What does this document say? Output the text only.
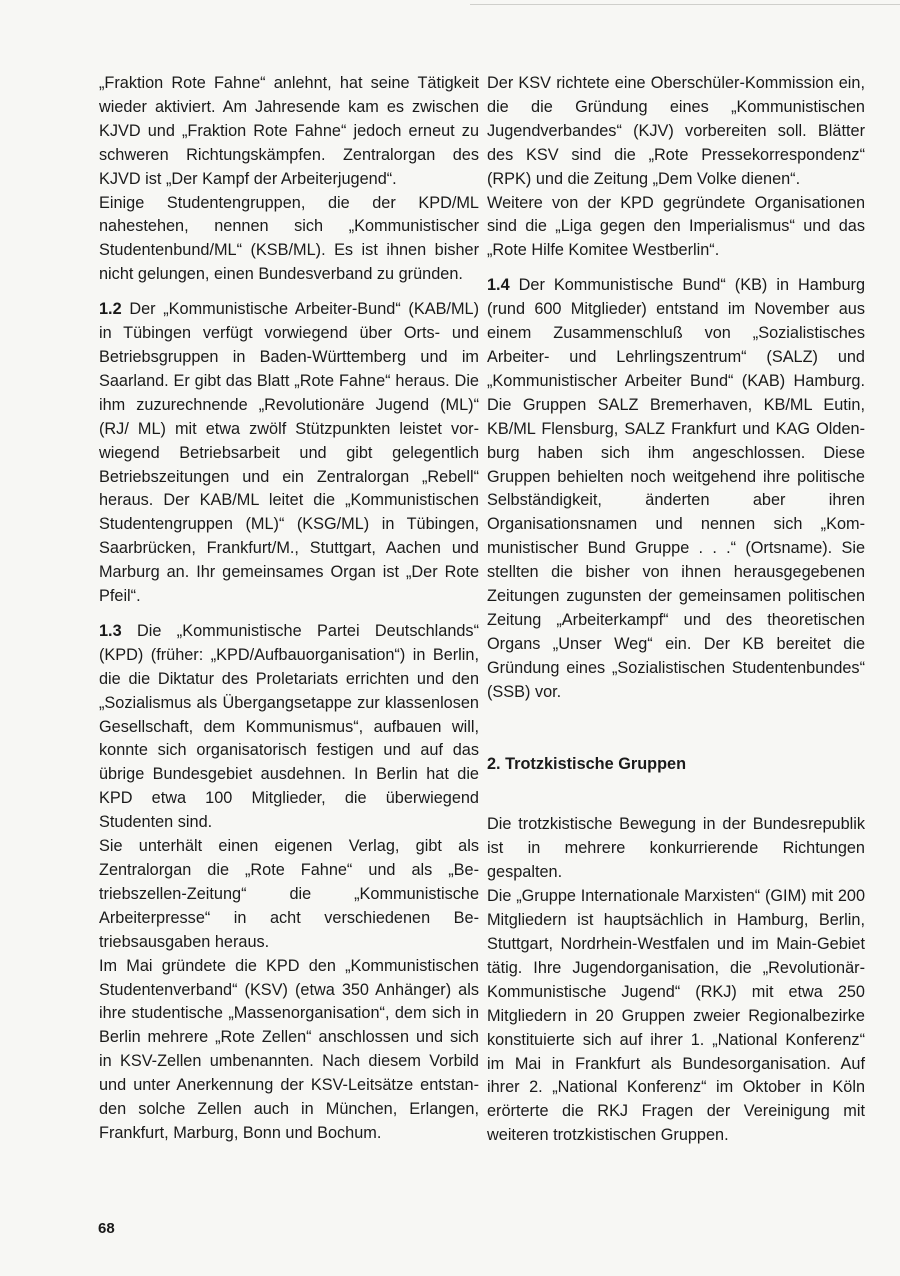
„Fraktion Rote Fahne“ anlehnt, hat seine Tätigkeit wieder aktiviert. Am Jahresende kam es zwischen KJVD und „Fraktion Rote Fahne“ jedoch erneut zu schweren Richtungskämpfen. Zentralorgan des KJVD ist „Der Kampf der Arbeiterjugend“.

Einige Studentengruppen, die der KPD/ML nahestehen, nennen sich „Kommunistischer Studentenbund/ML“ (KSB/ML). Es ist ihnen bisher nicht gelungen, einen Bundesverband zu gründen.

1.2 Der „Kommunistische Arbeiter-Bund“ (KAB/ML) in Tübingen verfügt vorwiegend über Orts- und Betriebsgruppen in Baden-Württemberg und im Saarland. Er gibt das Blatt „Rote Fahne“ heraus. Die ihm zuzurechnende „Revolutionäre Jugend (ML)“ (RJ/ ML) mit etwa zwölf Stützpunkten leistet vorwiegend Betriebsarbeit und gibt gelegentlich Betriebszeitungen und ein Zentralorgan „Rebell“ heraus. Der KAB/ML leitet die „Kommunistischen Studentengruppen (ML)“ (KSG/ML) in Tübingen, Saarbrücken, Frankfurt/M., Stuttgart, Aachen und Marburg an. Ihr gemeinsames Organ ist „Der Rote Pfeil“.

1.3 Die „Kommunistische Partei Deutschlands“ (KPD) (früher: „KPD/Aufbauorganisation“) in Berlin, die die Diktatur des Proletariats errichten und den „Sozialismus als Übergangsetappe zur klassenlosen Gesellschaft, dem Kommunismus“, aufbauen will, konnte sich organisatorisch festigen und auf das übrige Bundesgebiet ausdehnen. In Berlin hat die KPD etwa 100 Mitglieder, die überwiegend Studenten sind.

Sie unterhält einen eigenen Verlag, gibt als Zentralorgan die „Rote Fahne“ und als „Betriebszellen-Zeitung“ die „Kommunistische Arbeiterpresse“ in acht verschiedenen Betriebsausgaben heraus.

Im Mai gründete die KPD den „Kommunistischen Studentenverband“ (KSV) (etwa 350 Anhänger) als ihre studentische „Massenorganisation“, dem sich in Berlin mehrere „Rote Zellen“ anschlossen und sich in KSV-Zellen umbenannten. Nach diesem Vorbild und unter Anerkennung der KSV-Leitsätze entstanden solche Zellen auch in München, Erlangen, Frankfurt, Marburg, Bonn und Bochum.

Der KSV richtete eine Oberschüler-Kommission ein, die die Gründung eines „Kommunistischen Jugendverbandes“ (KJV) vorbereiten soll. Blätter des KSV sind die „Rote Pressekorrespondenz“ (RPK) und die Zeitung „Dem Volke dienen“.

Weitere von der KPD gegründete Organisationen sind die „Liga gegen den Imperialismus“ und das „Rote Hilfe Komitee Westberlin“.

1.4 Der Kommunistische Bund“ (KB) in Hamburg (rund 600 Mitglieder) entstand im November aus einem Zusammenschluß von „Sozialistisches Arbeiter- und Lehrlingszentrum“ (SALZ) und „Kommunistischer Arbeiter Bund“ (KAB) Hamburg. Die Gruppen SALZ Bremerhaven, KB/ML Eutin, KB/ML Flensburg, SALZ Frankfurt und KAG Oldenburg haben sich ihm angeschlossen. Diese Gruppen behielten noch weitgehend ihre politische Selbständigkeit, änderten aber ihren Organisationsnamen und nennen sich „Kommunistischer Bund Gruppe . . .“ (Ortsname). Sie stellten die bisher von ihnen herausgegebenen Zeitungen zugunsten der gemeinsamen politischen Zeitung „Arbeiterkampf“ und des theoretischen Organs „Unser Weg“ ein. Der KB bereitet die Gründung eines „Sozialistischen Studentenbundes“ (SSB) vor.

2. Trotzkistische Gruppen

Die trotzkistische Bewegung in der Bundesrepublik ist in mehrere konkurrierende Richtungen gespalten.

Die „Gruppe Internationale Marxisten“ (GIM) mit 200 Mitgliedern ist hauptsächlich in Hamburg, Berlin, Stuttgart, Nordrhein-Westfalen und im Main-Gebiet tätig. Ihre Jugendorganisation, die „Revolutionär-Kommunistische Jugend“ (RKJ) mit etwa 250 Mitgliedern in 20 Gruppen zweier Regionalbezirke konstituierte sich auf ihrer 1. „National Konferenz“ im Mai in Frankfurt als Bundesorganisation. Auf ihrer 2. „National Konferenz“ im Oktober in Köln erörterte die RKJ Fragen der Vereinigung mit weiteren trotzkistischen Gruppen.

68
